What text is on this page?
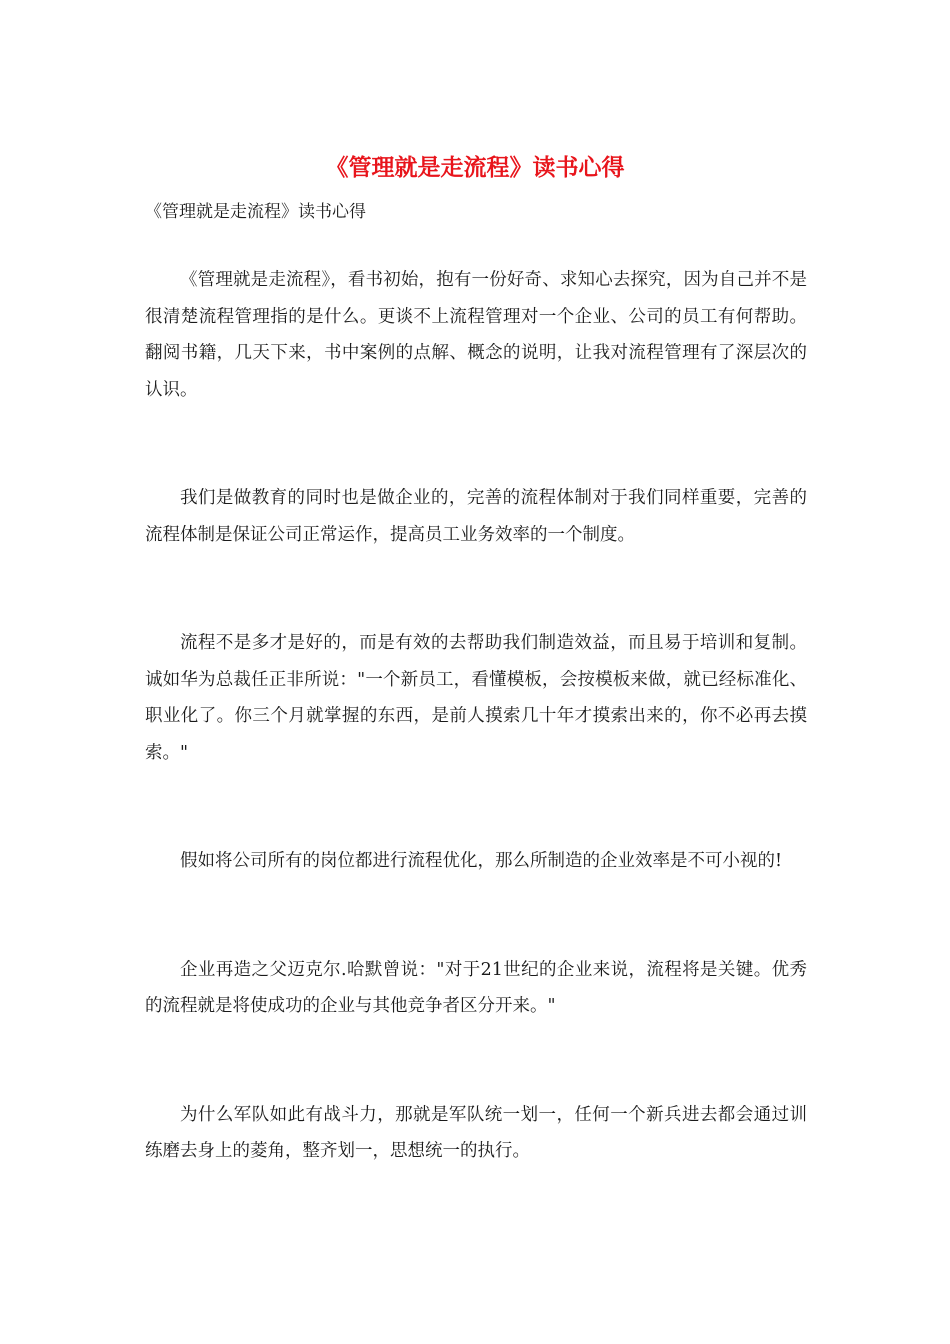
《管理就是走流程》读书心得
《管理就是走流程》读书心得

《管理就是走流程》，看书初始，抱有一份好奇、求知心去探究，因为自己并不是很清楚流程管理指的是什么。更谈不上流程管理对一个企业、公司的员工有何帮助。翻阅书籍，几天下来，书中案例的点解、概念的说明，让我对流程管理有了深层次的认识。

我们是做教育的同时也是做企业的，完善的流程体制对于我们同样重要，完善的流程体制是保证公司正常运作，提高员工业务效率的一个制度。

流程不是多才是好的，而是有效的去帮助我们制造效益，而且易于培训和复制。诚如华为总裁任正非所说："一个新员工，看懂模板，会按模板来做，就已经标准化、职业化了。你三个月就掌握的东西，是前人摸索几十年才摸索出来的，你不必再去摸索。"

假如将公司所有的岗位都进行流程优化，那么所制造的企业效率是不可小视的!

企业再造之父迈克尔.哈默曾说："对于21世纪的企业来说，流程将是关键。优秀的流程就是将使成功的企业与其他竞争者区分开来。"

为什么军队如此有战斗力，那就是军队统一划一，任何一个新兵进去都会通过训练磨去身上的菱角，整齐划一，思想统一的执行。
